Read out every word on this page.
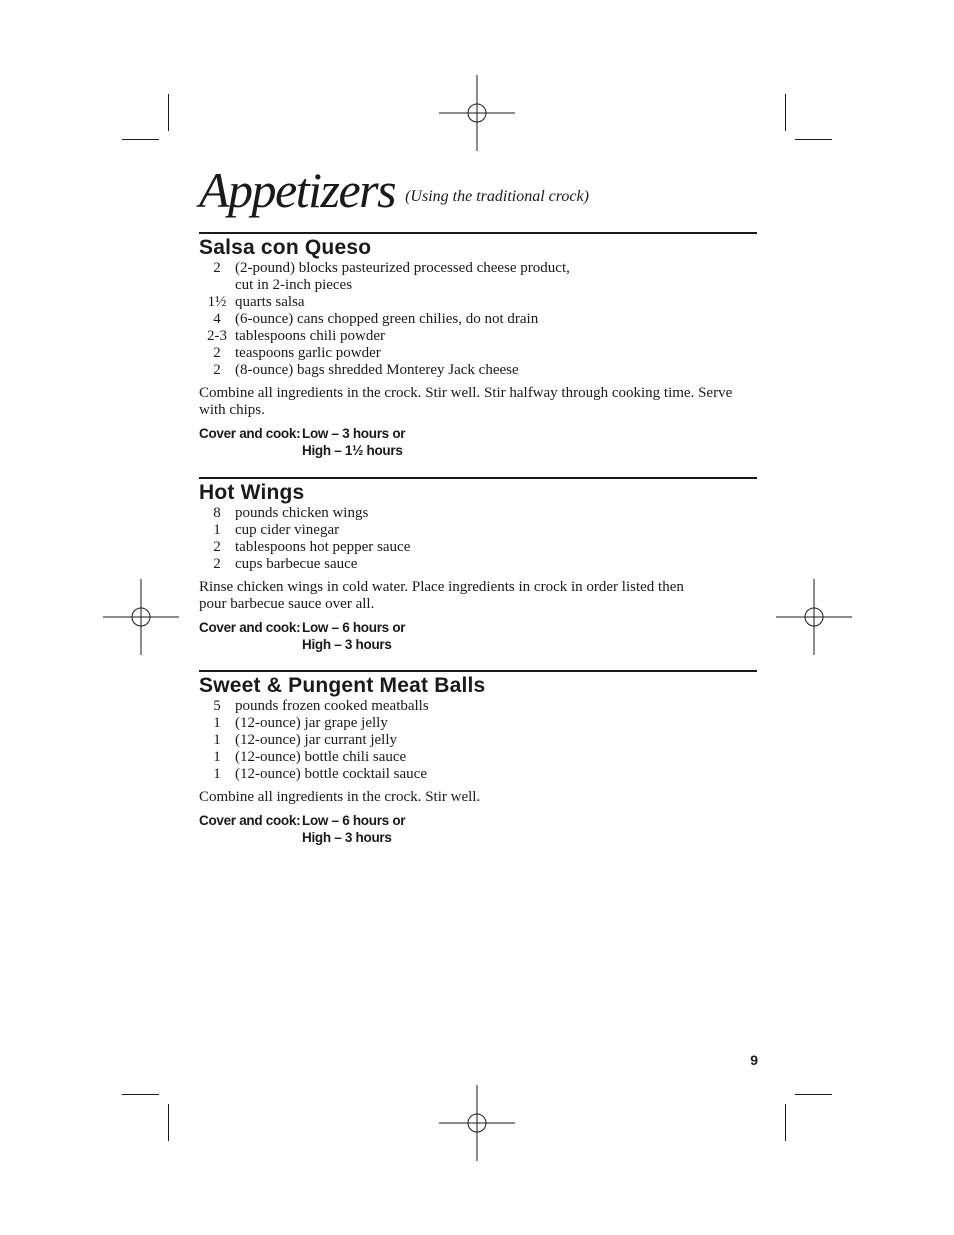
Appetizers (Using the traditional crock)
Salsa con Queso
2 (2-pound) blocks pasteurized processed cheese product,
cut in 2-inch pieces
1½ quarts salsa
4 (6-ounce) cans chopped green chilies, do not drain
2-3 tablespoons chili powder
2 teaspoons garlic powder
2 (8-ounce) bags shredded Monterey Jack cheese

Combine all ingredients in the crock. Stir well. Stir halfway through cooking time. Serve with chips.

Cover and cook: Low – 3 hours or
High – 1½ hours
Hot Wings
8 pounds chicken wings
1 cup cider vinegar
2 tablespoons hot pepper sauce
2 cups barbecue sauce

Rinse chicken wings in cold water. Place ingredients in crock in order listed then pour barbecue sauce over all.

Cover and cook: Low – 6 hours or
High – 3 hours
Sweet & Pungent Meat Balls
5 pounds frozen cooked meatballs
1 (12-ounce) jar grape jelly
1 (12-ounce) jar currant jelly
1 (12-ounce) bottle chili sauce
1 (12-ounce) bottle cocktail sauce

Combine all ingredients in the crock. Stir well.

Cover and cook: Low – 6 hours or
High – 3 hours
9
